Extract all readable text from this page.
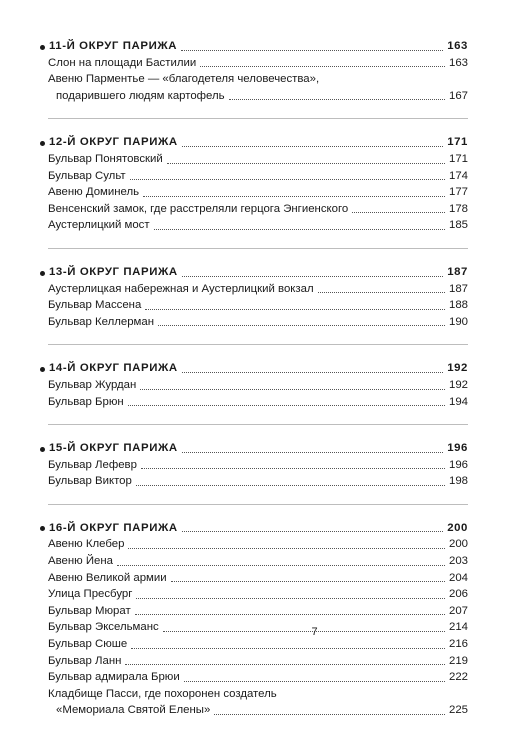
11-Й ОКРУГ ПАРИЖА	163
Слон на площади Бастилии	163
Авеню Парментье — «благодетеля человечества»,
подарившего людям картофель	167
12-Й ОКРУГ ПАРИЖА	171
Бульвар Понятовский	171
Бульвар Сульт	174
Авеню Доминель	177
Венсенский замок, где расстреляли герцога Энгиенского	178
Аустерлицкий мост	185
13-Й ОКРУГ ПАРИЖА	187
Аустерлицкая набережная и Аустерлицкий вокзал	187
Бульвар Массена	188
Бульвар Келлерман	190
14-Й ОКРУГ ПАРИЖА	192
Бульвар Журдан	192
Бульвар Брюн	194
15-Й ОКРУГ ПАРИЖА	196
Бульвар Лефевр	196
Бульвар Виктор	198
16-Й ОКРУГ ПАРИЖА	200
Авеню Клебер	200
Авеню Йена	203
Авеню Великой армии	204
Улица Пресбург	206
Бульвар Мюрат	207
Бульвар Эксельманс	214
Бульвар Сюше	216
Бульвар Ланн	219
Бульвар адмирала Брюи	222
Кладбище Пасси, где похоронен создатель
«Мемориала Святой Елены»	225
7
